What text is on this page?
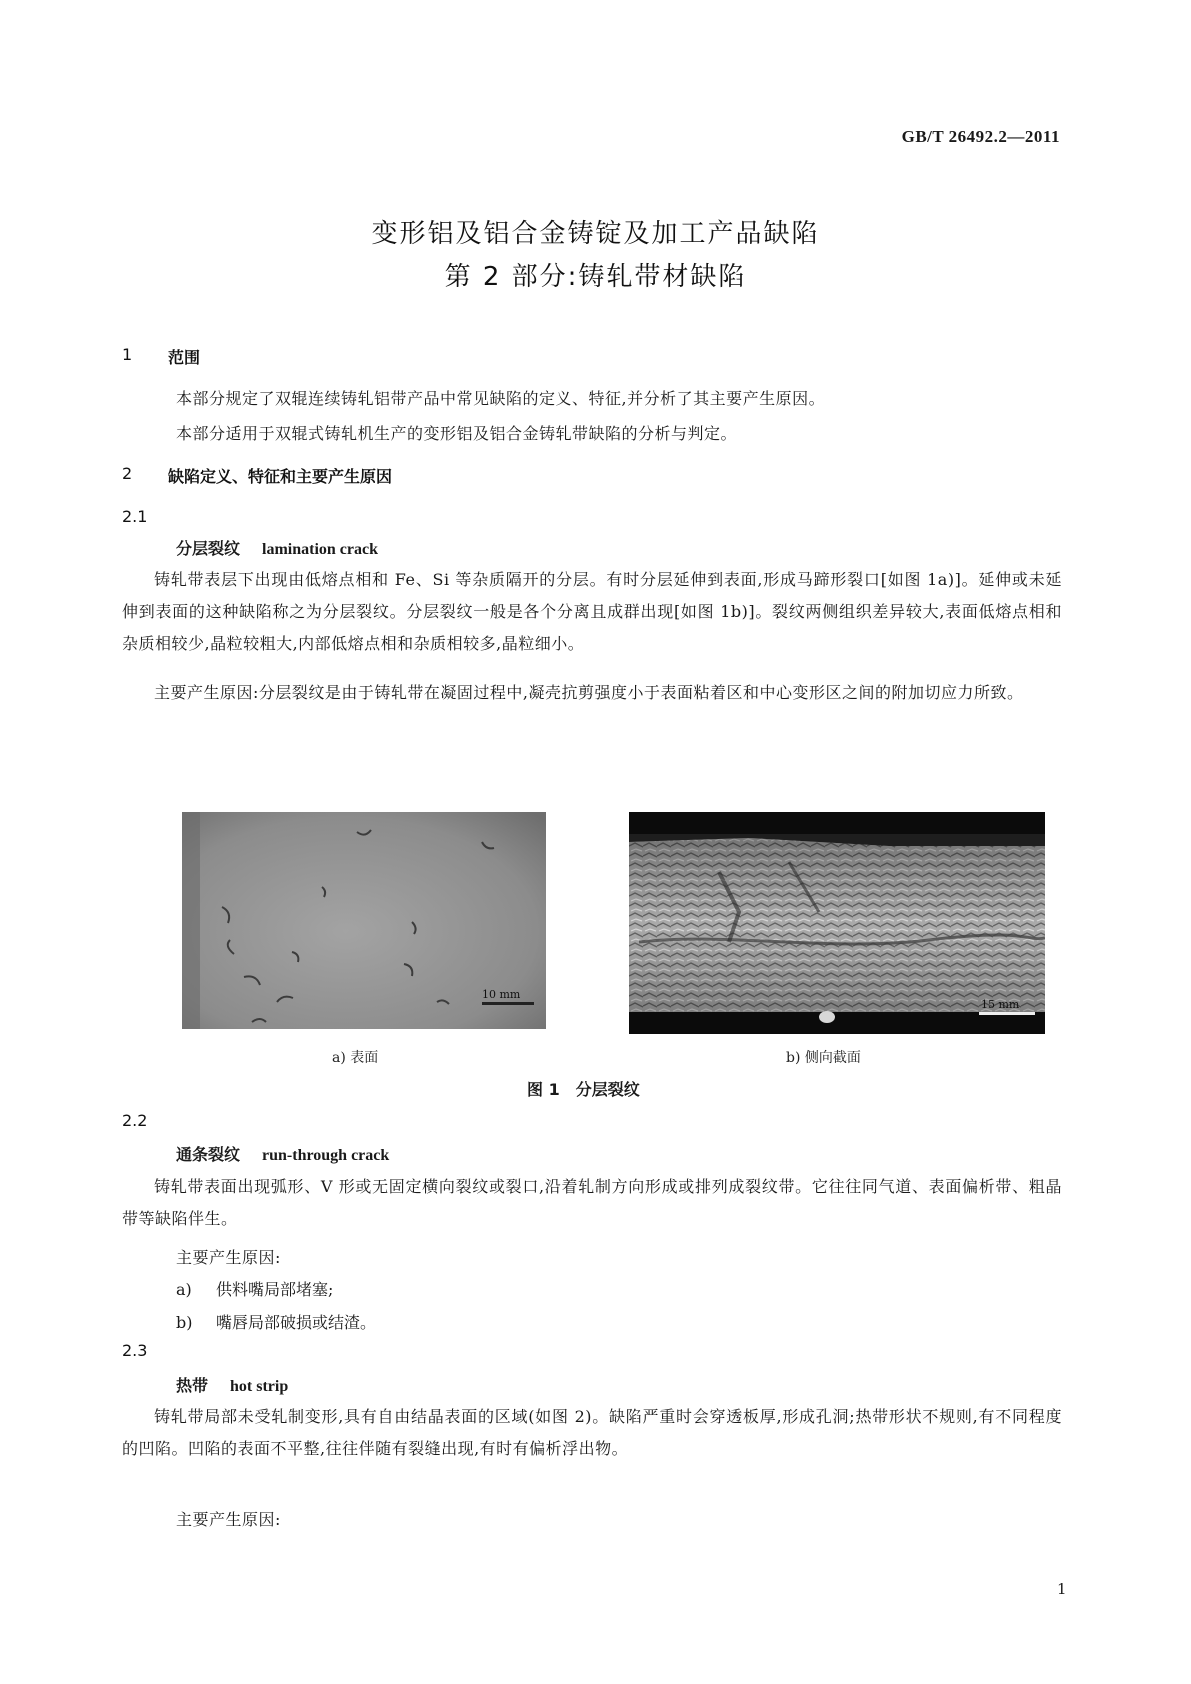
GB/T 26492.2—2011
变形铝及铝合金铸锭及加工产品缺陷
第 2 部分:铸轧带材缺陷
1 范围
本部分规定了双辊连续铸轧铝带产品中常见缺陷的定义、特征,并分析了其主要产生原因。
本部分适用于双辊式铸轧机生产的变形铝及铝合金铸轧带缺陷的分析与判定。
2 缺陷定义、特征和主要产生原因
2.1
分层裂纹 lamination crack
铸轧带表层下出现由低熔点相和 Fe、Si 等杂质隔开的分层。有时分层延伸到表面,形成马蹄形裂口[如图 1a)]。延伸或未延伸到表面的这种缺陷称之为分层裂纹。分层裂纹一般是各个分离且成群出现[如图 1b)]。裂纹两侧组织差异较大,表面低熔点相和杂质相较少,晶粒较粗大,内部低熔点相和杂质相较多,晶粒细小。
主要产生原因:分层裂纹是由于铸轧带在凝固过程中,凝壳抗剪强度小于表面粘着区和中心变形区之间的附加切应力所致。
10 mm
15 mm
a) 表面	b) 侧向截面
图 1　分层裂纹
2.2
通条裂纹 run-through crack
铸轧带表面出现弧形、V 形或无固定横向裂纹或裂口,沿着轧制方向形成或排列成裂纹带。它往往同气道、表面偏析带、粗晶带等缺陷伴生。
主要产生原因:
a) 供料嘴局部堵塞;
b) 嘴唇局部破损或结渣。
2.3
热带 hot strip
铸轧带局部未受轧制变形,具有自由结晶表面的区域(如图 2)。缺陷严重时会穿透板厚,形成孔洞;热带形状不规则,有不同程度的凹陷。凹陷的表面不平整,往往伴随有裂缝出现,有时有偏析浮出物。
主要产生原因:
1
